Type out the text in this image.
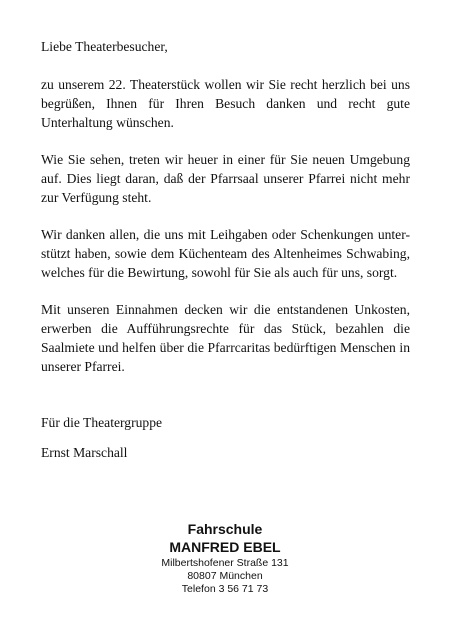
Liebe Theaterbesucher,

zu unserem 22. Theaterstück wollen wir Sie recht herzlich bei uns begrüßen, Ihnen für Ihren Besuch danken und recht gute Unterhaltung wünschen.

Wie Sie sehen, treten wir heuer in einer für Sie neuen Umgebung auf. Dies liegt daran, daß der Pfarrsaal unserer Pfarrei nicht mehr zur Verfügung steht.

Wir danken allen, die uns mit Leihgaben oder Schenkungen unter-stützt haben, sowie dem Küchenteam des Altenheimes Schwabing, welches für die Bewirtung, sowohl für Sie als auch für uns, sorgt.

Mit unseren Einnahmen decken wir die entstandenen Unkosten, erwerben die Aufführungsrechte für das Stück, bezahlen die Saalmiete und helfen über die Pfarrcaritas bedürftigen Menschen in unserer Pfarrei.

Für die Theatergruppe

Ernst Marschall

Fahrschule
MANFRED EBEL
Milbertshofener Straße 131
80807 München
Telefon 3 56 71 73
